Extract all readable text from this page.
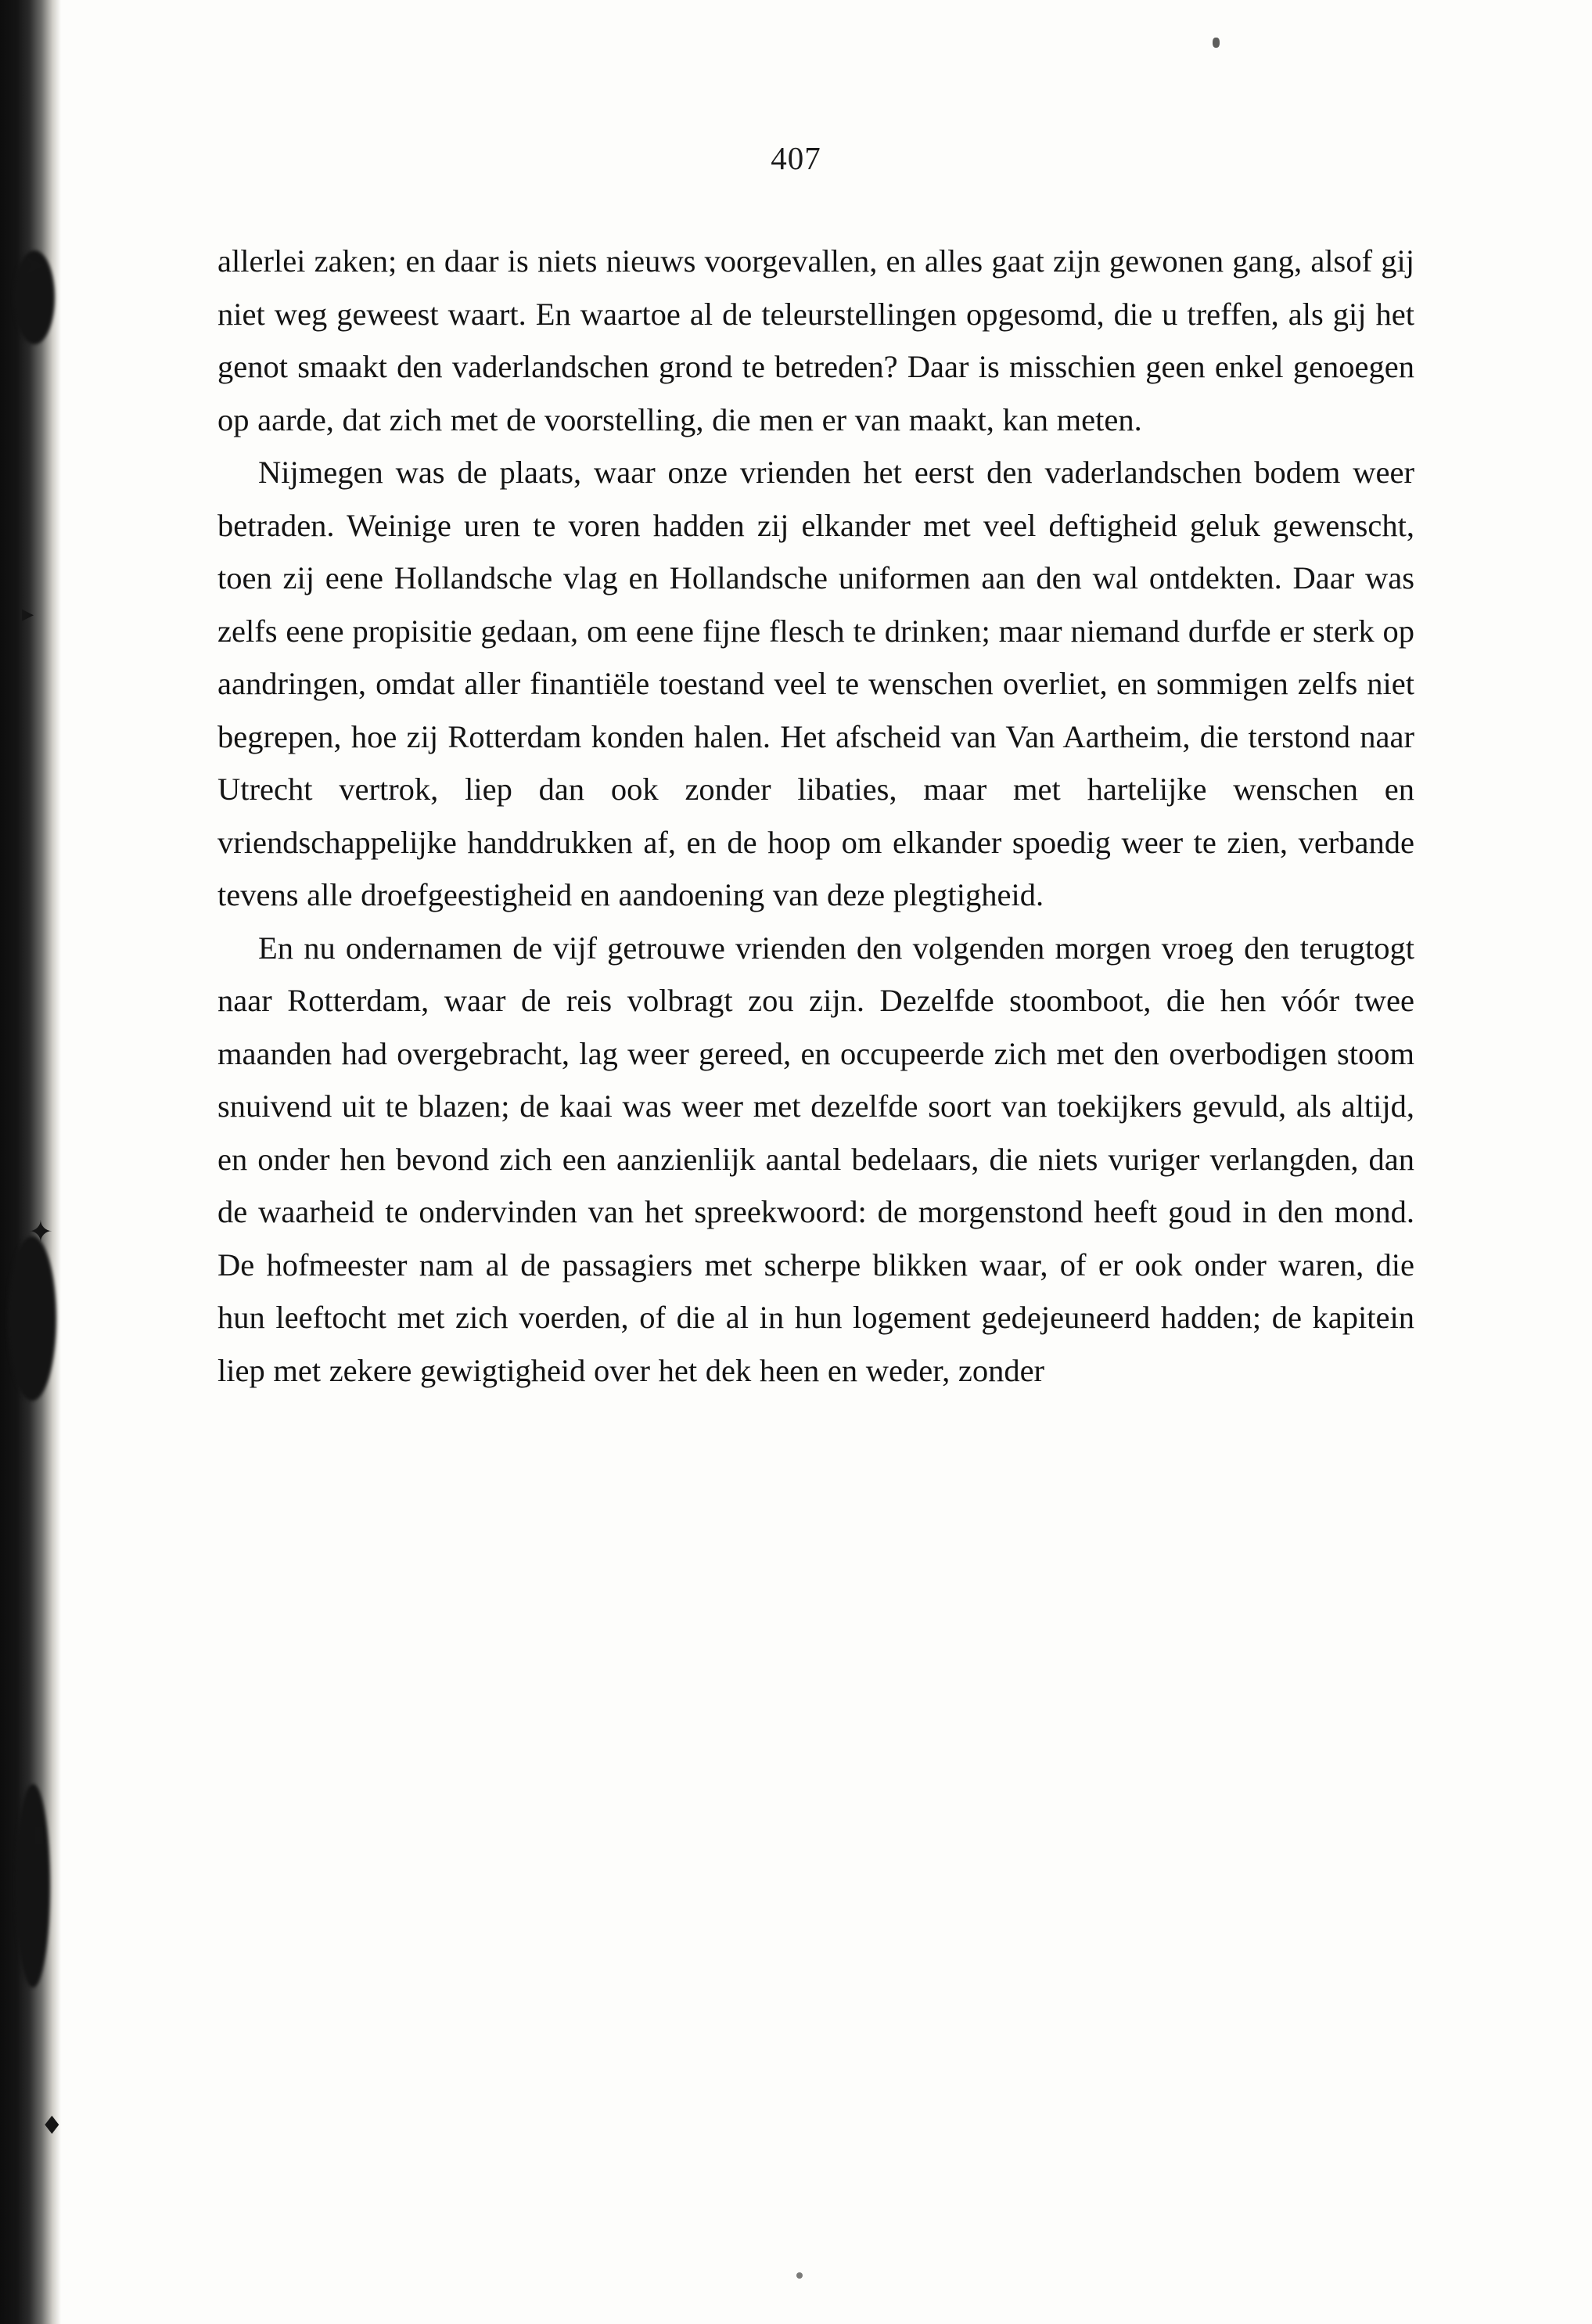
➤
▸
✦
▮
♦
407

allerlei zaken; en daar is niets nieuws voorgevallen, en alles gaat zijn gewonen gang, alsof gij niet weg geweest waart. En waartoe al de teleurstellingen opgesomd, die u treffen, als gij het genot smaakt den vaderlandschen grond te betreden? Daar is misschien geen enkel genoegen op aarde, dat zich met de voorstelling, die men er van maakt, kan meten.

Nijmegen was de plaats, waar onze vrienden het eerst den vaderlandschen bodem weer betraden. Weinige uren te voren hadden zij elkander met veel deftigheid geluk gewenscht, toen zij eene Hollandsche vlag en Hollandsche uniformen aan den wal ontdekten. Daar was zelfs eene propisitie gedaan, om eene fijne flesch te drinken; maar niemand durfde er sterk op aandringen, omdat aller finantiële toestand veel te wenschen overliet, en sommigen zelfs niet begrepen, hoe zij Rotterdam konden halen. Het afscheid van Van Aartheim, die terstond naar Utrecht vertrok, liep dan ook zonder libaties, maar met hartelijke wenschen en vriendschappelijke handdrukken af, en de hoop om elkander spoedig weer te zien, verbande tevens alle droefgeestigheid en aandoening van deze plegtigheid.

En nu ondernamen de vijf getrouwe vrienden den volgenden morgen vroeg den terugtogt naar Rotterdam, waar de reis volbragt zou zijn. Dezelfde stoomboot, die hen vóór twee maanden had overgebracht, lag weer gereed, en occupeerde zich met den overbodigen stoom snuivend uit te blazen; de kaai was weer met dezelfde soort van toekijkers gevuld, als altijd, en onder hen bevond zich een aanzienlijk aantal bedelaars, die niets vuriger verlangden, dan de waarheid te ondervinden van het spreekwoord: de morgenstond heeft goud in den mond. De hofmeester nam al de passagiers met scherpe blikken waar, of er ook onder waren, die hun leeftocht met zich voerden, of die al in hun logement gedejeuneerd hadden; de kapitein liep met zekere gewigtigheid over het dek heen en weder, zonder
